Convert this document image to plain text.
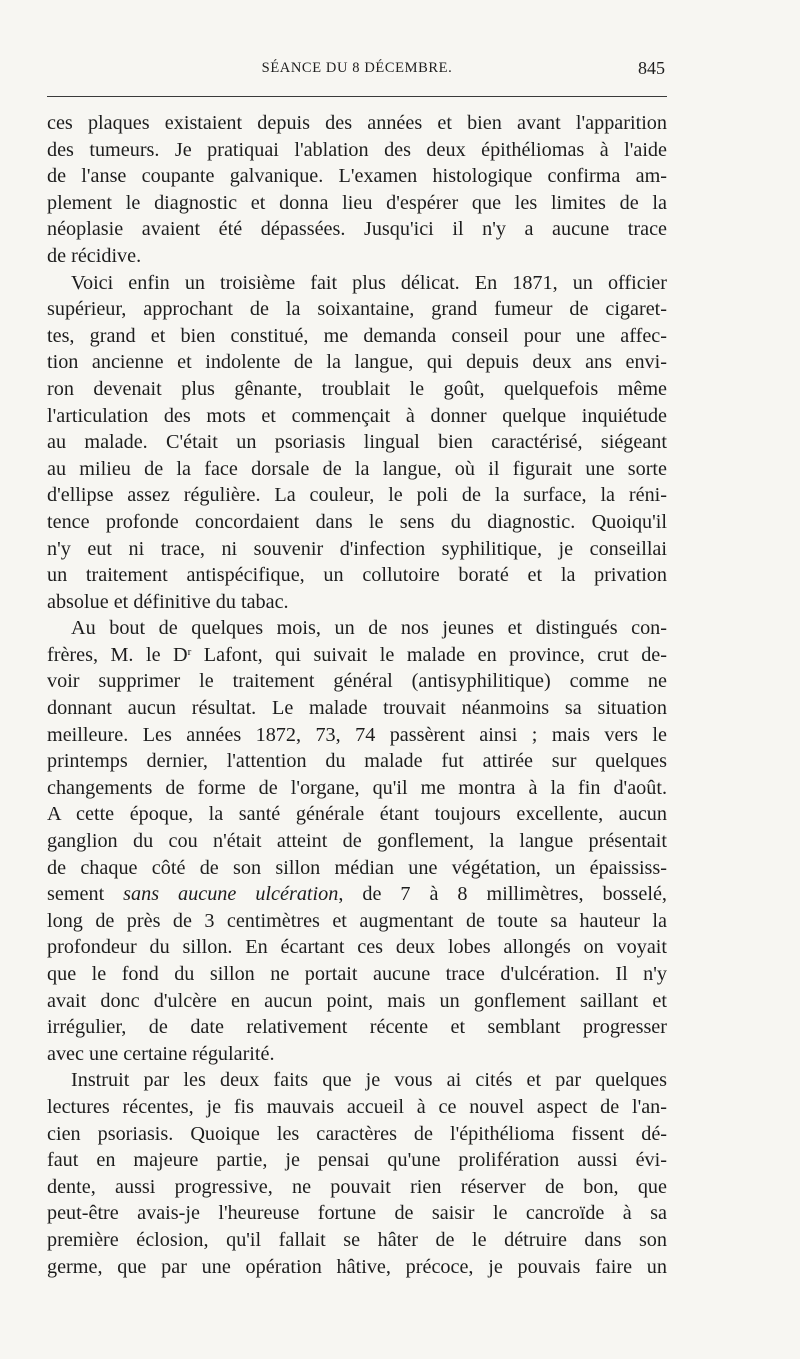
SÉANCE DU 8 DÉCEMBRE.	845

ces plaques existaient depuis des années et bien avant l'apparition
des tumeurs. Je pratiquai l'ablation des deux épithéliomas à l'aide
de l'anse coupante galvanique. L'examen histologique confirma am-
plement le diagnostic et donna lieu d'espérer que les limites de la
néoplasie avaient été dépassées. Jusqu'ici il n'y a aucune trace
de récidive.

Voici enfin un troisième fait plus délicat. En 1871, un officier
supérieur, approchant de la soixantaine, grand fumeur de cigaret-
tes, grand et bien constitué, me demanda conseil pour une affec-
tion ancienne et indolente de la langue, qui depuis deux ans envi-
ron devenait plus gênante, troublait le goût, quelquefois même
l'articulation des mots et commençait à donner quelque inquiétude
au malade. C'était un psoriasis lingual bien caractérisé, siégeant
au milieu de la face dorsale de la langue, où il figurait une sorte
d'ellipse assez régulière. La couleur, le poli de la surface, la réni-
tence profonde concordaient dans le sens du diagnostic. Quoiqu'il
n'y eut ni trace, ni souvenir d'infection syphilitique, je conseillai
un traitement antispécifique, un collutoire boraté et la privation
absolue et définitive du tabac.

Au bout de quelques mois, un de nos jeunes et distingués con-
frères, M. le $D^r$ Lafont, qui suivait le malade en province, crut de-
voir supprimer le traitement général (antisyphilitique) comme ne
donnant aucun résultat. Le malade trouvait néanmoins sa situation
meilleure. Les années 1872, 73, 74 passèrent ainsi ; mais vers le
printemps dernier, l'attention du malade fut attirée sur quelques
changements de forme de l'organe, qu'il me montra à la fin d'août.
A cette époque, la santé générale étant toujours excellente, aucun
ganglion du cou n'était atteint de gonflement, la langue présentait
de chaque côté de son sillon médian une végétation, un épaississ-
sement sans aucune ulcération, de 7 à 8 millimètres, bosselé,
long de près de 3 centimètres et augmentant de toute sa hauteur la
profondeur du sillon. En écartant ces deux lobes allongés on voyait
que le fond du sillon ne portait aucune trace d'ulcération. Il n'y
avait donc d'ulcère en aucun point, mais un gonflement saillant et
irrégulier, de date relativement récente et semblant progresser
avec une certaine régularité.

Instruit par les deux faits que je vous ai cités et par quelques
lectures récentes, je fis mauvais accueil à ce nouvel aspect de l'an-
cien psoriasis. Quoique les caractères de l'épithélioma fissent dé-
faut en majeure partie, je pensai qu'une prolifération aussi évi-
dente, aussi progressive, ne pouvait rien réserver de bon, que
peut-être avais-je l'heureuse fortune de saisir le cancroïde à sa
première éclosion, qu'il fallait se hâter de le détruire dans son
germe, que par une opération hâtive, précoce, je pouvais faire un
